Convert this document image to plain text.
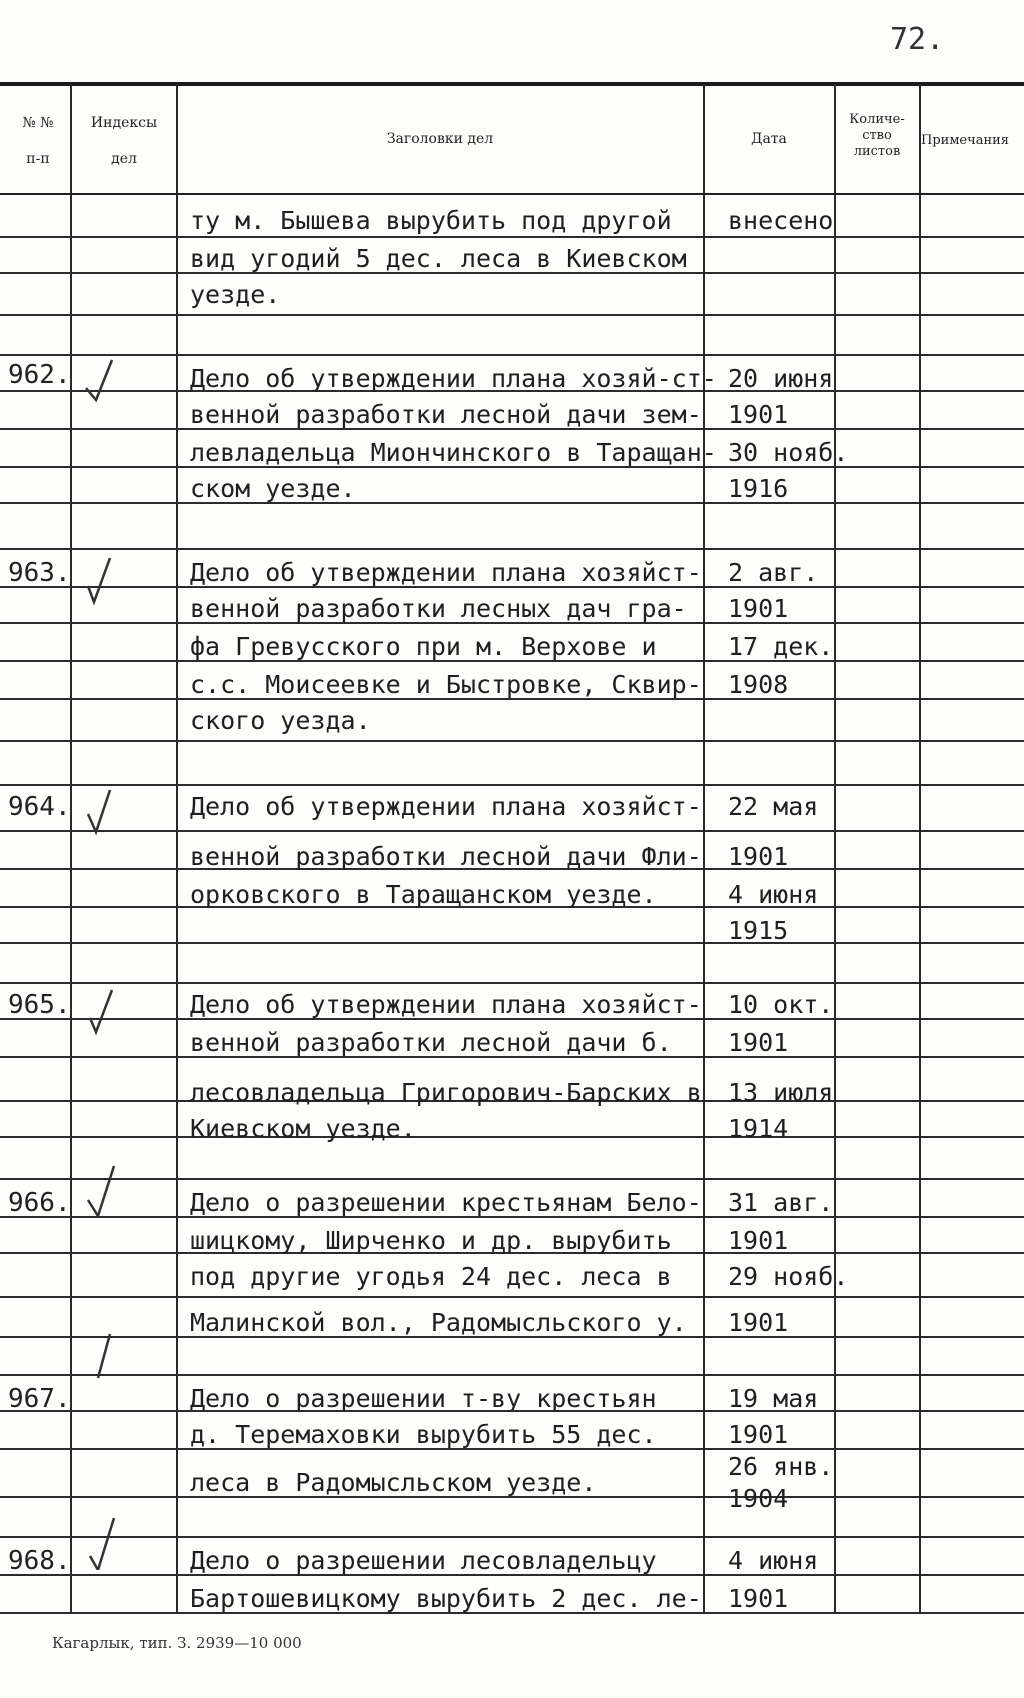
72.
№ №
п-п
Индексы
дел
Заголовки дел	Дата
Количе-
ство
листов
Примечания
962.
963.
964.
965.
966.
967.
968.
ту м. Бышева вырубить под другой
вид угодий 5 дес. леса в Киевском
уезде.
внесено
Дело об утверждении плана хозяй-ст-
венной разработки лесной дачи зем-
левладельца Миончинского в Таращан-
ском уезде.
20 июня
1901
30 нояб.
1916
Дело об утверждении плана хозяйст-
венной разработки лесных дач гра-
фа Гревусского при м. Верхове и
с.с. Моисеевке и Быстровке, Сквир-
ского уезда.
2 авг.
1901
17 дек.
1908
Дело об утверждении плана хозяйст-
венной разработки лесной дачи Фли-
орковского в Таращанском уезде.
22 мая
1901
4 июня
1915
Дело об утверждении плана хозяйст-
венной разработки лесной дачи б.
лесовладельца Григорович-Барских в
Киевском уезде.
10 окт.
1901
13 июля
1914
Дело о разрешении крестьянам Бело-
шицкому, Ширченко и др. вырубить
под другие угодья 24 дес. леса в
Малинской вол., Радомысльского у.
31 авг.
1901
29 нояб.
1901
Дело о разрешении т-ву крестьян
д. Теремаховки вырубить 55 дес.
леса в Радомысльском уезде.
19 мая
1901
26 янв.
1904
Дело о разрешении лесовладельцу
Бартошевицкому вырубить 2 дес. ле-
4 июня
1901
Кагарлык, тип. З. 2939—10 000
